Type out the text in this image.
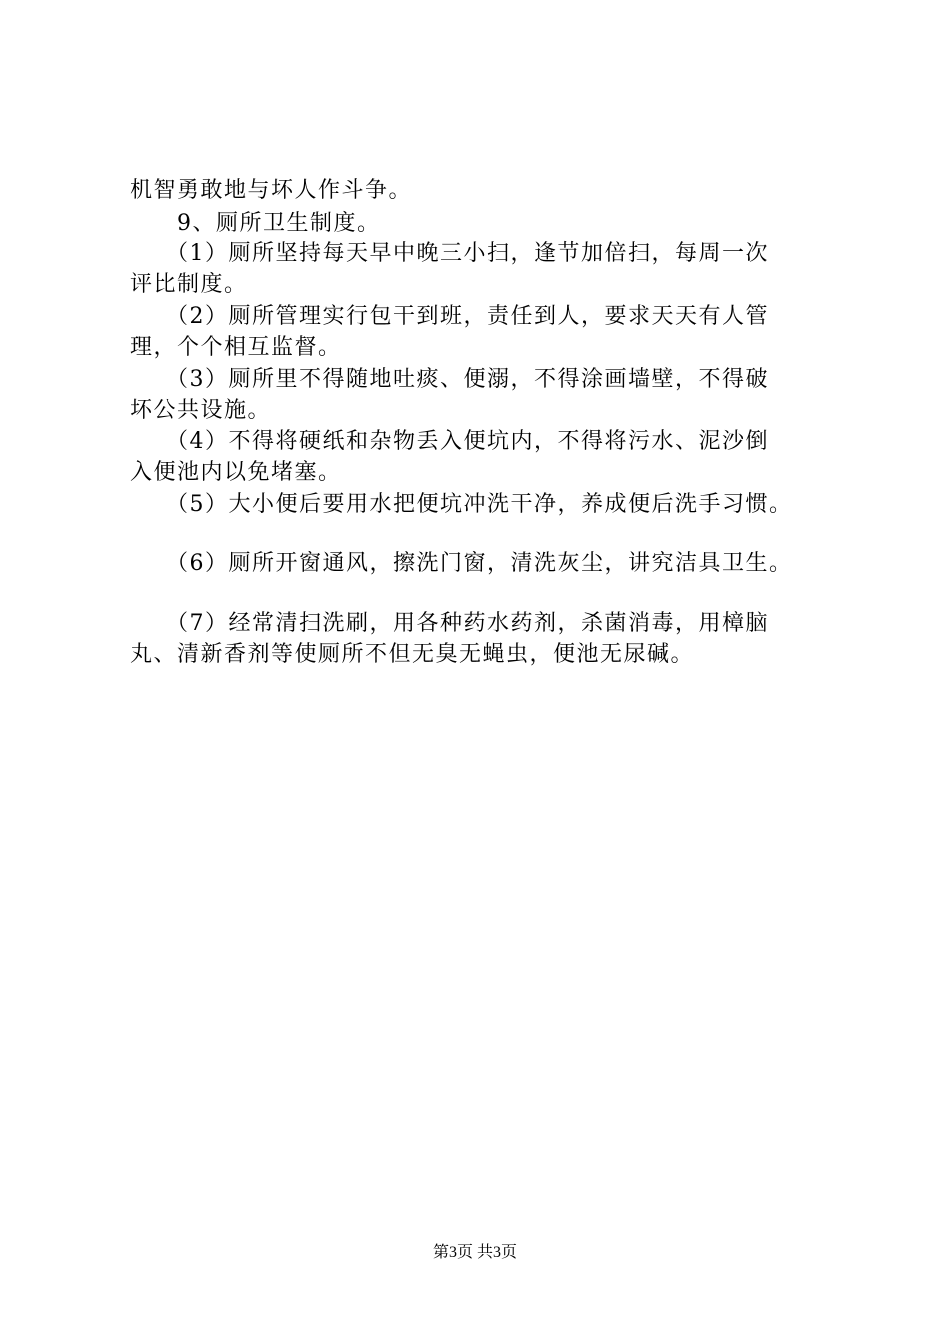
机智勇敢地与坏人作斗争。
　　9、厕所卫生制度。
　　（1）厕所坚持每天早中晚三小扫，逢节加倍扫，每周一次
评比制度。
　　（2）厕所管理实行包干到班，责任到人，要求天天有人管
理，个个相互监督。
　　（3）厕所里不得随地吐痰、便溺，不得涂画墙壁，不得破
坏公共设施。
　　（4）不得将硬纸和杂物丢入便坑内，不得将污水、泥沙倒
入便池内以免堵塞。
　　（5）大小便后要用水把便坑冲洗干净，养成便后洗手习惯。
　　（6）厕所开窗通风，擦洗门窗，清洗灰尘，讲究洁具卫生。
　　（7）经常清扫洗刷，用各种药水药剂，杀菌消毒，用樟脑
丸、清新香剂等使厕所不但无臭无蝇虫，便池无尿碱。
第3页 共3页
